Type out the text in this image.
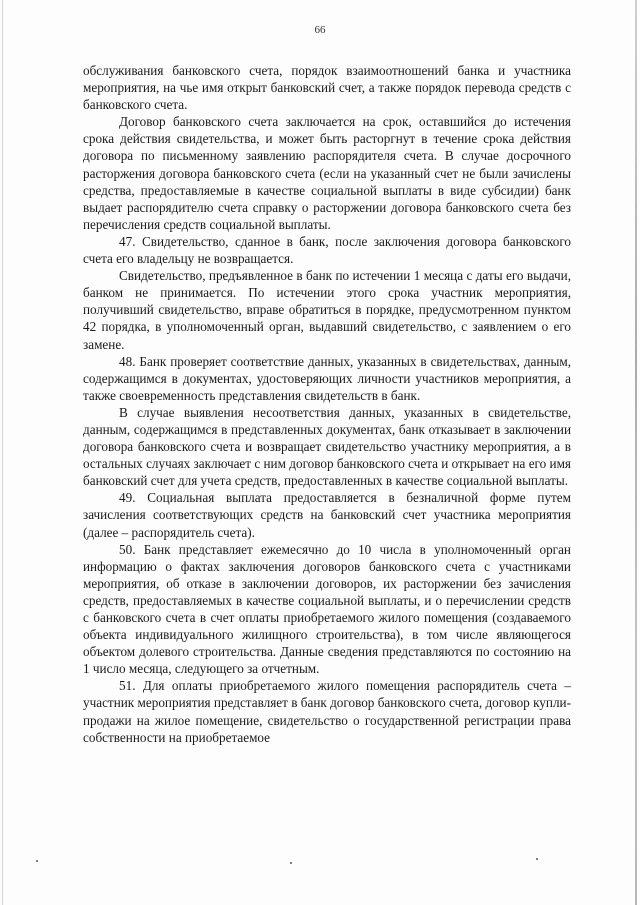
66

обслуживания банковского счета, порядок взаимоотношений банка и участника мероприятия, на чье имя открыт банковский счет, а также порядок перевода средств с банковского счета.

Договор банковского счета заключается на срок, оставшийся до истечения срока действия свидетельства, и может быть расторгнут в течение срока действия договора по письменному заявлению распорядителя счета. В случае досрочного расторжения договора банковского счета (если на указанный счет не были зачислены средства, предоставляемые в качестве социальной выплаты в виде субсидии) банк выдает распорядителю счета справку о расторжении договора банковского счета без перечисления средств социальной выплаты.

47. Свидетельство, сданное в банк, после заключения договора банковского счета его владельцу не возвращается.

Свидетельство, предъявленное в банк по истечении 1 месяца с даты его выдачи, банком не принимается. По истечении этого срока участник мероприятия, получивший свидетельство, вправе обратиться в порядке, предусмотренном пунктом 42 порядка, в уполномоченный орган, выдавший свидетельство, с заявлением о его замене.

48. Банк проверяет соответствие данных, указанных в свидетельствах, данным, содержащимся в документах, удостоверяющих личности участников мероприятия, а также своевременность представления свидетельств в банк.

В случае выявления несоответствия данных, указанных в свидетельстве, данным, содержащимся в представленных документах, банк отказывает в заключении договора банковского счета и возвращает свидетельство участнику мероприятия, а в остальных случаях заключает с ним договор банковского счета и открывает на его имя банковский счет для учета средств, предоставленных в качестве социальной выплаты.

49. Социальная выплата предоставляется в безналичной форме путем зачисления соответствующих средств на банковский счет участника мероприятия (далее – распорядитель счета).

50. Банк представляет ежемесячно до 10 числа в уполномоченный орган информацию о фактах заключения договоров банковского счета с участниками мероприятия, об отказе в заключении договоров, их расторжении без зачисления средств, предоставляемых в качестве социальной выплаты, и о перечислении средств с банковского счета в счет оплаты приобретаемого жилого помещения (создаваемого объекта индивидуального жилищного строительства), в том числе являющегося объектом долевого строительства. Данные сведения представляются по состоянию на 1 число месяца, следующего за отчетным.

51. Для оплаты приобретаемого жилого помещения распорядитель счета – участник мероприятия представляет в банк договор банковского счета, договор купли-продажи на жилое помещение, свидетельство о государственной регистрации права собственности на приобретаемое
